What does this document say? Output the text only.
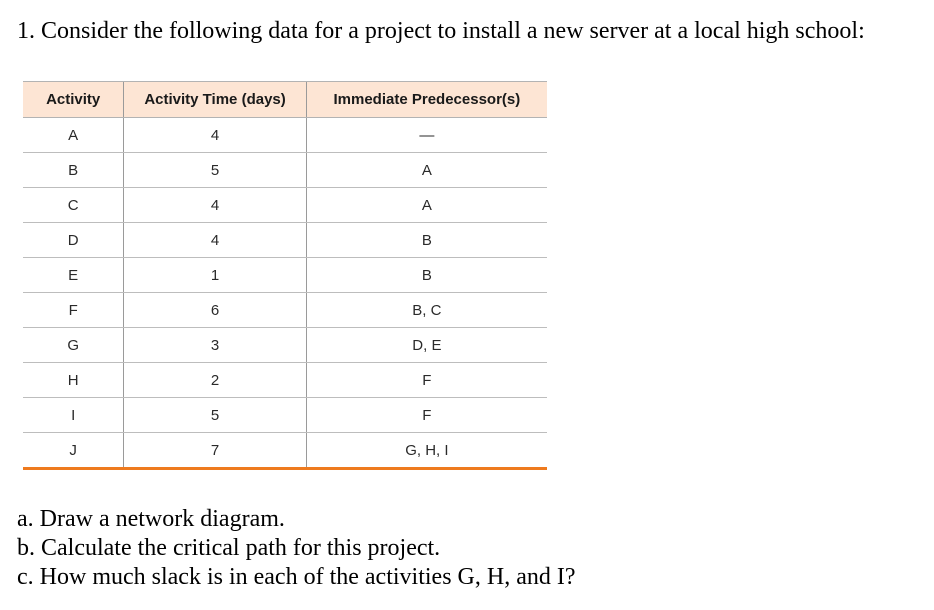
1. Consider the following data for a project to install a new server at a local high school:
Activity	Activity Time (days)	Immediate Predecessor(s)
A	4	—
B	5	A
C	4	A
D	4	B
E	1	B
F	6	B, C
G	3	D, E
H	2	F
I	5	F
J	7	G, H, I
a. Draw a network diagram.
b. Calculate the critical path for this project.
c. How much slack is in each of the activities G, H, and I?
